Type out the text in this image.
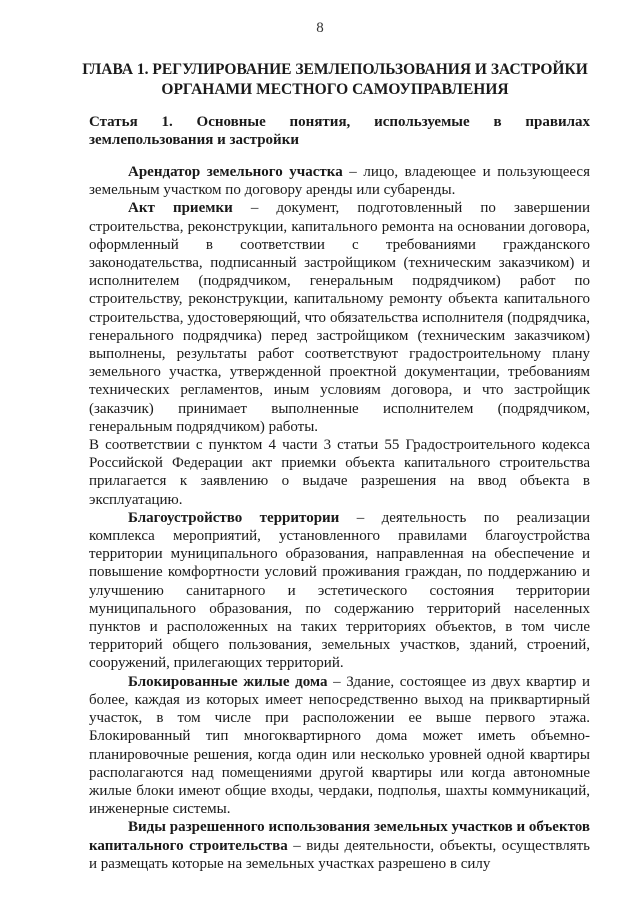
8
ГЛАВА 1. РЕГУЛИРОВАНИЕ ЗЕМЛЕПОЛЬЗОВАНИЯ И ЗАСТРОЙКИ ОРГАНАМИ МЕСТНОГО САМОУПРАВЛЕНИЯ
Статья 1. Основные понятия, используемые в правилах землепользования и застройки

Арендатор земельного участка – лицо, владеющее и пользующееся земельным участком по договору аренды или субаренды.

Акт приемки – документ, подготовленный по завершении строительства, реконструкции, капитального ремонта на основании договора, оформленный в соответствии с требованиями гражданского законодательства, подписанный застройщиком (техническим заказчиком) и исполнителем (подрядчиком, генеральным подрядчиком) работ по строительству, реконструкции, капитальному ремонту объекта капитального строительства, удостоверяющий, что обязательства исполнителя (подрядчика, генерального подрядчика) перед застройщиком (техническим заказчиком) выполнены, результаты работ соответствуют градостроительному плану земельного участка, утвержденной проектной документации, требованиям технических регламентов, иным условиям договора, и что застройщик (заказчик) принимает выполненные исполнителем (подрядчиком, генеральным подрядчиком) работы.

В соответствии с пунктом 4 части 3 статьи 55 Градостроительного кодекса Российской Федерации акт приемки объекта капитального строительства прилагается к заявлению о выдаче разрешения на ввод объекта в эксплуатацию.

Благоустройство территории – деятельность по реализации комплекса мероприятий, установленного правилами благоустройства территории муниципального образования, направленная на обеспечение и повышение комфортности условий проживания граждан, по поддержанию и улучшению санитарного и эстетического состояния территории муниципального образования, по содержанию территорий населенных пунктов и расположенных на таких территориях объектов, в том числе территорий общего пользования, земельных участков, зданий, строений, сооружений, прилегающих территорий.

Блокированные жилые дома – Здание, состоящее из двух квартир и более, каждая из которых имеет непосредственно выход на приквартирный участок, в том числе при расположении ее выше первого этажа. Блокированный тип многоквартирного дома может иметь объемно-планировочные решения, когда один или несколько уровней одной квартиры располагаются над помещениями другой квартиры или когда автономные жилые блоки имеют общие входы, чердаки, подполья, шахты коммуникаций, инженерные системы.

Виды разрешенного использования земельных участков и объектов капитального строительства – виды деятельности, объекты, осуществлять и размещать которые на земельных участках разрешено в силу
